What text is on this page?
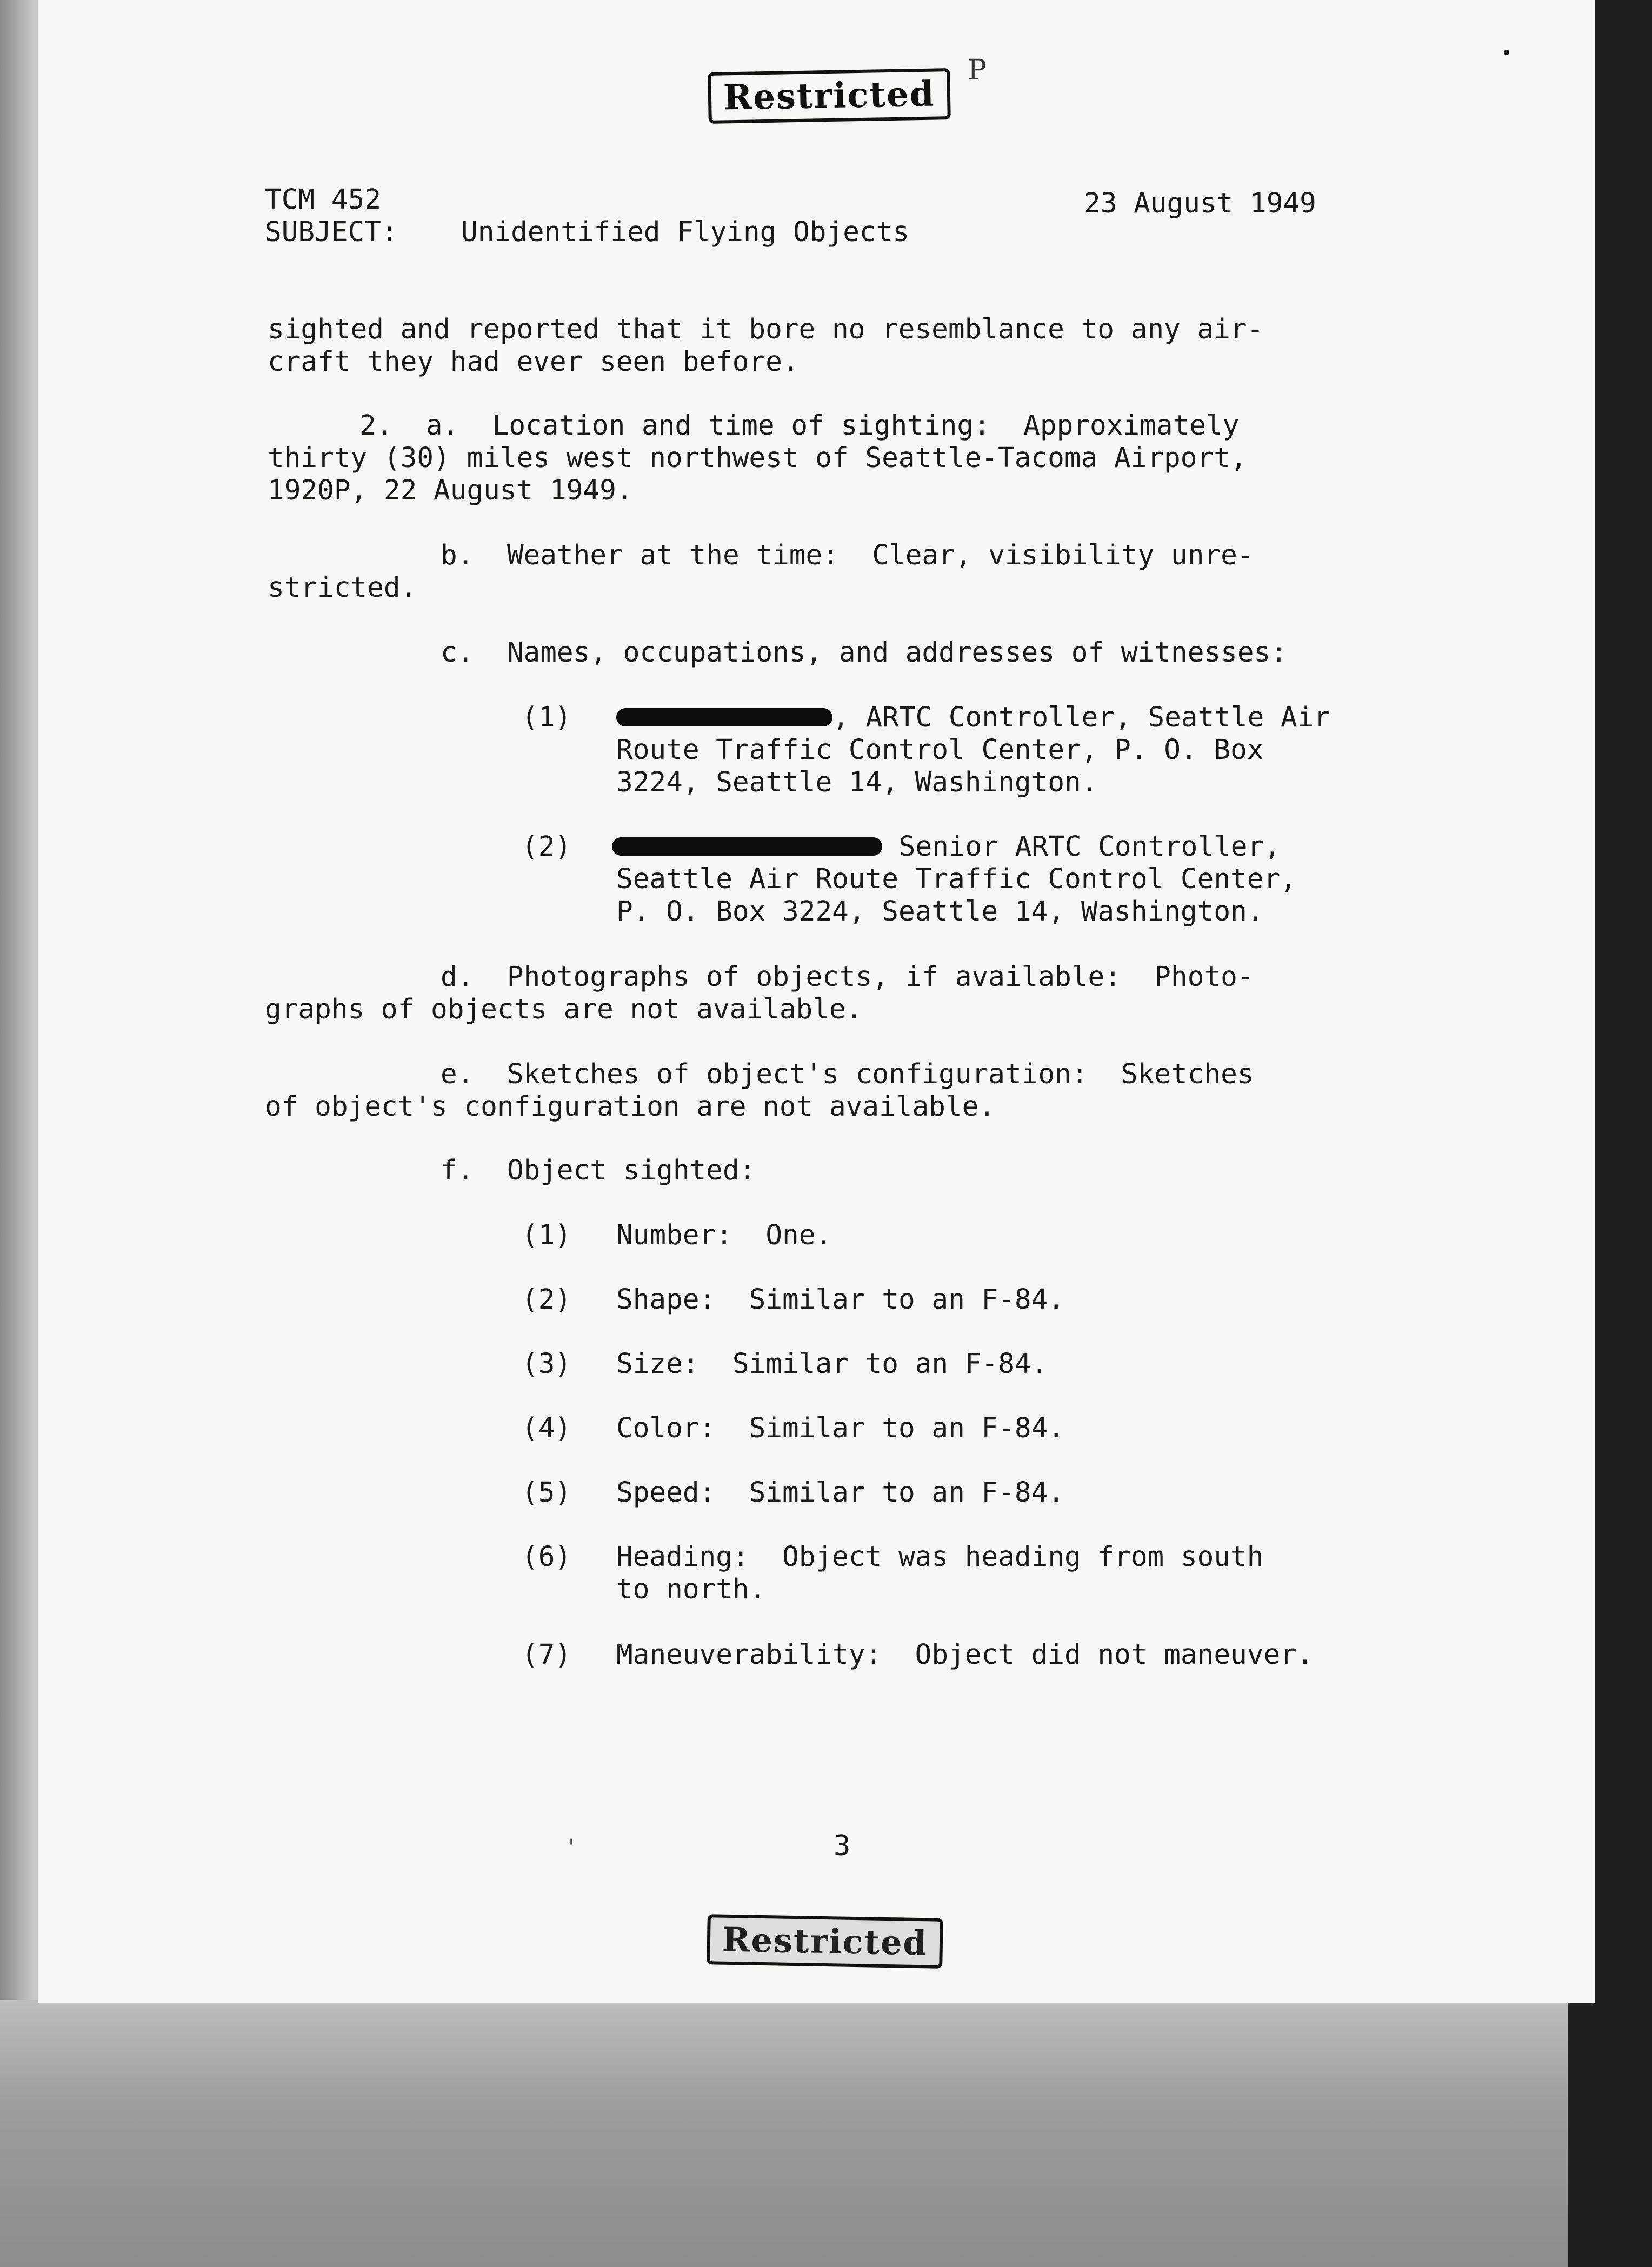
Restricted
P
TCM 452	23 August 1949
SUBJECT: Unidentified Flying Objects
sighted and reported that it bore no resemblance to any air-
craft they had ever seen before.
2.  a.  Location and time of sighting:  Approximately
thirty (30) miles west northwest of Seattle-Tacoma Airport,
1920P, 22 August 1949.
b.  Weather at the time:  Clear, visibility unre-
stricted.
c.  Names, occupations, and addresses of witnesses:
(1)	, ARTC Controller, Seattle Air
Route Traffic Control Center, P. O. Box
3224, Seattle 14, Washington.
(2)	Senior ARTC Controller,
Seattle Air Route Traffic Control Center,
P. O. Box 3224, Seattle 14, Washington.
d.  Photographs of objects, if available:  Photo-
graphs of objects are not available.
e.  Sketches of object's configuration:  Sketches
of object's configuration are not available.
f.  Object sighted:
(1) Number:  One.
(2) Shape:  Similar to an F-84.
(3) Size:  Similar to an F-84.
(4) Color:  Similar to an F-84.
(5) Speed:  Similar to an F-84.
(6) Heading:  Object was heading from south
to north.
(7) Maneuverability:  Object did not maneuver.
'	3
Restricted
